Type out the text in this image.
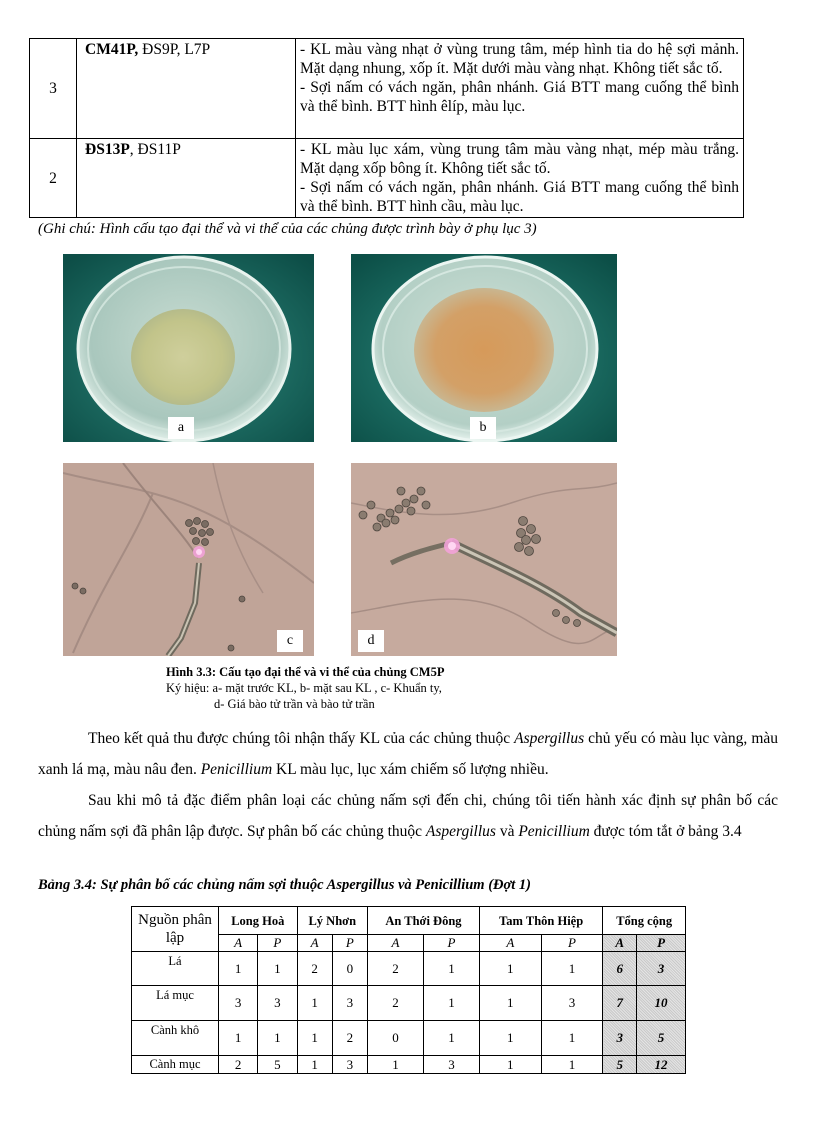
3	CM41P, ĐS9P, L7P	- KL màu vàng nhạt ở vùng trung tâm, mép hình tia do hệ sợi mảnh. Mặt dạng nhung, xốp ít. Mặt dưới màu vàng nhạt. Không tiết sắc tố.

- Sợi nấm có vách ngăn, phân nhánh. Giá BTT mang cuống thể bình và thể bình. BTT hình êlíp, màu lục.

2	ĐS13P, ĐS11P	- KL màu lục xám, vùng trung tâm màu vàng nhạt, mép màu trắng. Mặt dạng xốp bông ít. Không tiết sắc tố.

- Sợi nấm có vách ngăn, phân nhánh. Giá BTT mang cuống thể bình và thể bình. BTT hình cầu, màu lục.

(Ghi chú: Hình cấu tạo đại thể và vi thể của các chủng được trình bày ở phụ lục 3)
a	b
c	d
Hình 3.3: Cấu tạo đại thể và vi thể của chủng CM5P
Ký hiệu: a- mặt trước KL, b- mặt sau KL , c- Khuẩn ty,
d- Giá bào tử trần và bào tử trần
Theo kết quả thu được chúng tôi nhận thấy KL của các chủng thuộc Aspergillus chủ yếu có màu lục vàng, màu xanh lá mạ, màu nâu đen. Penicillium KL màu lục, lục xám chiếm số lượng nhiều.
Sau khi mô tả đặc điểm phân loại các chủng nấm sợi đến chi, chúng tôi tiến hành xác định sự phân bố các chủng nấm sợi đã phân lập được. Sự phân bố các chủng thuộc Aspergillus và Penicillium được tóm tắt ở bảng 3.4
Bảng 3.4: Sự phân bố các chủng nấm sợi thuộc Aspergillus và Penicillium (Đợt 1)
Nguồn phân lập	Long Hoà		Lý Nhơn		An Thới Đông		Tam Thôn Hiệp		Tổng cộng	
	A	P	A	P	A	P	A	P	A	P
Lá	1	1	2	0	2	1	1	1	6	3
Lá mục	3	3	1	3	2	1	1	3	7	10
Cành khô	1	1	1	2	0	1	1	1	3	5
Cành mục	2	5	1	3	1	3	1	1	5	12
